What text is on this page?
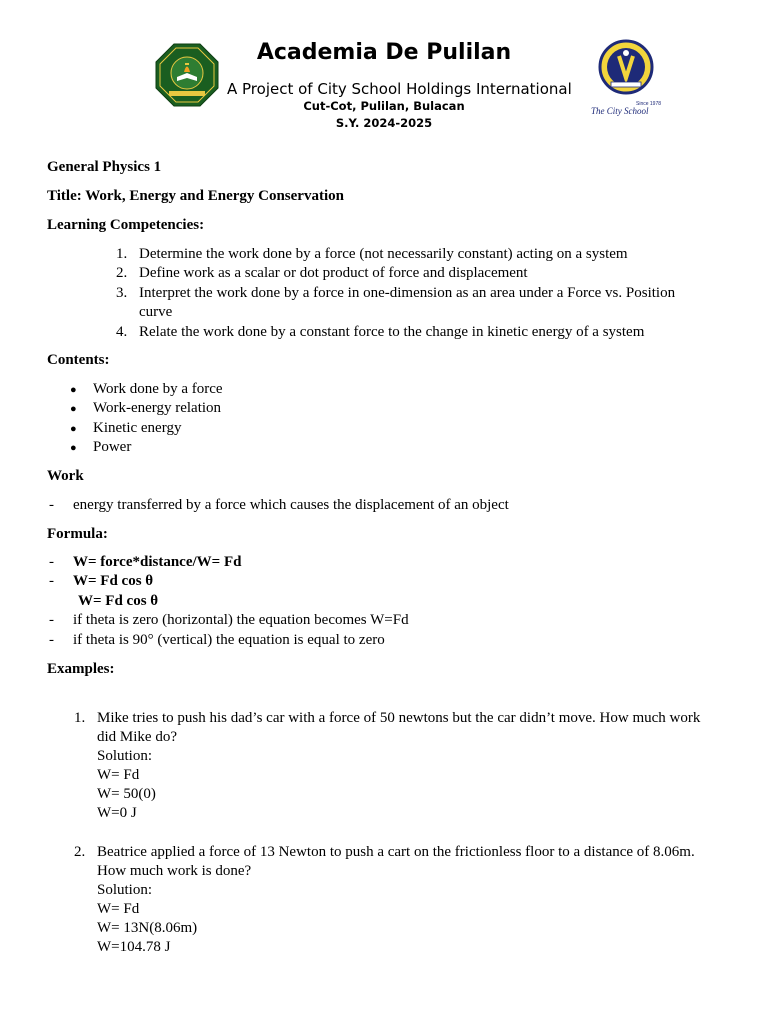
Academia De Pulilan
A Project of City School Holdings International
Cut-Cot, Pulilan, Bulacan
S.Y. 2024-2025
Since 1978
The City School
General Physics 1
Title: Work, Energy and Energy Conservation
Learning Competencies:
1. Determine the work done by a force (not necessarily constant) acting on a system
2. Define work as a scalar or dot product of force and displacement
3. Interpret the work done by a force in one-dimension as an area under a Force vs. Position
curve
4. Relate the work done by a constant force to the change in kinetic energy of a system
Contents:
● Work done by a force
● Work-energy relation
● Kinetic energy
● Power
Work
- energy transferred by a force which causes the displacement of an object
Formula:
- W= force*distance/W= Fd
- W= Fd cos θ
W= Fd cos θ
- if theta is zero (horizontal) the equation becomes W=Fd
- if theta is 90° (vertical) the equation is equal to zero
Examples:
1. Mike tries to push his dad’s car with a force of 50 newtons but the car didn’t move. How much work
did Mike do?
Solution:
W= Fd
W= 50(0)
W=0 J
2. Beatrice applied a force of 13 Newton to push a cart on the frictionless floor to a distance of 8.06m.
How much work is done?
Solution:
W= Fd
W= 13N(8.06m)
W=104.78 J
